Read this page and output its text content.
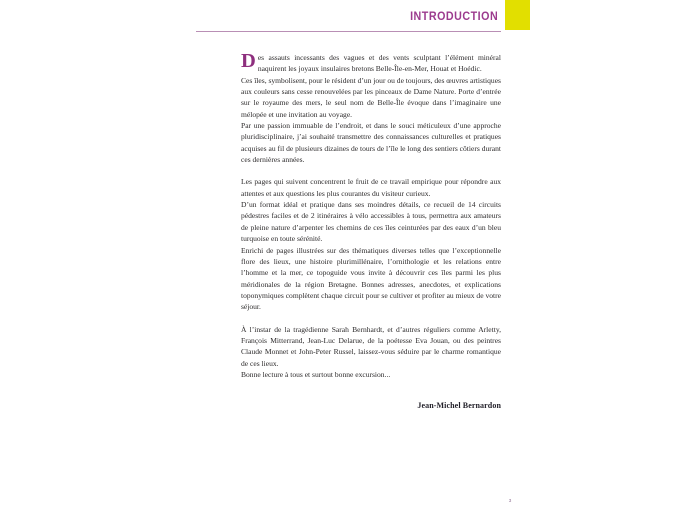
INTRODUCTION

Des assauts incessants des vagues et des vents sculptant l’élément minéral naquirent les joyaux insulaires bretons Belle-Île-en-Mer, Houat et Hoédic.

Ces îles, symbolisent, pour le résident d’un jour ou de toujours, des œuvres artistiques aux couleurs sans cesse renouvelées par les pinceaux de Dame Nature. Porte d’entrée sur le royaume des mers, le seul nom de Belle-Île évoque dans l’imaginaire une mélopée et une invitation au voyage.

Par une passion immuable de l’endroit, et dans le souci méticuleux d’une approche pluridisciplinaire, j’ai souhaité transmettre des connaissances culturelles et pratiques acquises au fil de plusieurs dizaines de tours de l’île le long des sentiers côtiers durant ces dernières années.

Les pages qui suivent concentrent le fruit de ce travail empirique pour répondre aux attentes et aux questions les plus courantes du visiteur curieux.

D’un format idéal et pratique dans ses moindres détails, ce recueil de 14 circuits pédestres faciles et de 2 itinéraires à vélo accessibles à tous, permettra aux amateurs de pleine nature d’arpenter les chemins de ces îles ceinturées par des eaux d’un bleu turquoise en toute sérénité.

Enrichi de pages illustrées sur des thématiques diverses telles que l’exceptionnelle flore des lieux, une histoire plurimillénaire, l’ornithologie et les relations entre l’homme et la mer, ce topoguide vous invite à découvrir ces îles parmi les plus méridionales de la région Bretagne. Bonnes adresses, anecdotes, et explications toponymiques complètent chaque circuit pour se cultiver et profiter au mieux de votre séjour.

À l’instar de la tragédienne Sarah Bernhardt, et d’autres réguliers comme Arletty, François Mitterrand, Jean-Luc Delarue, de la poétesse Eva Jouan, ou des peintres Claude Monnet et John-Peter Russel, laissez-vous séduire par le charme romantique de ces lieux.

Bonne lecture à tous et surtout bonne excursion...

Jean-Michel Bernardon
3
